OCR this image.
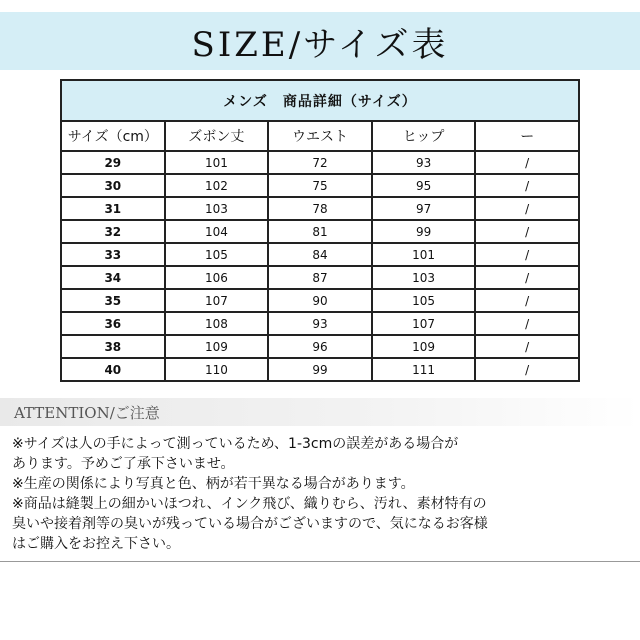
SIZE/サイズ表
メンズ　商品詳細（サイズ）				
サイズ（cm）	ズボン丈	ウエスト	ヒップ	ー
29	101	72	93	/
30	102	75	95	/
31	103	78	97	/
32	104	81	99	/
33	105	84	101	/
34	106	87	103	/
35	107	90	105	/
36	108	93	107	/
38	109	96	109	/
40	110	99	111	/
ATTENTION/ご注意
※サイズは人の手によって測っているため、1-3cmの誤差がある場合が
あります。予めご了承下さいませ。
※生産の関係により写真と色、柄が若干異なる場合があります。
※商品は縫製上の細かいほつれ、インク飛び、織りむら、汚れ、素材特有の
臭いや接着剤等の臭いが残っている場合がございますので、気になるお客様
はご購入をお控え下さい。
